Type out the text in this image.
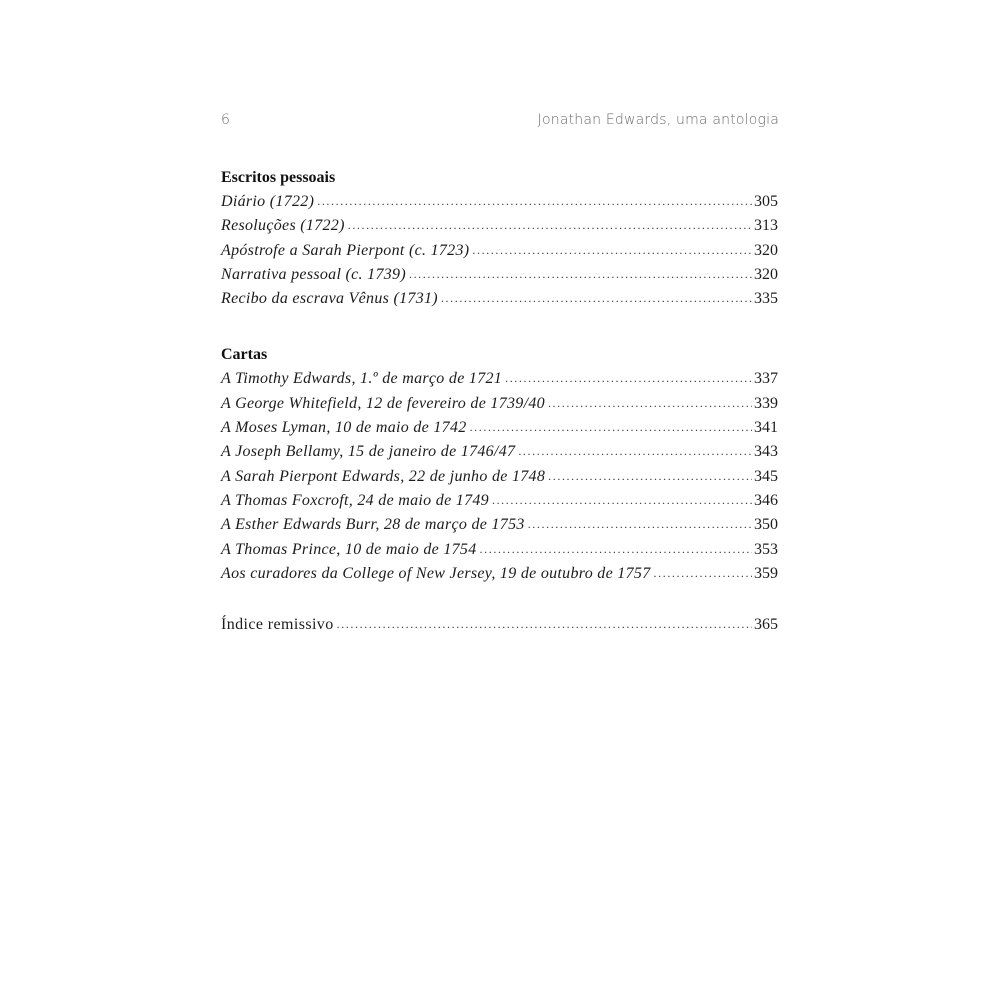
6	Jonathan Edwards, uma antologia
Escritos pessoais
Diário (1722) .....	305
Resoluções (1722) .....	313
Apóstrofe a Sarah Pierpont (c. 1723) .....	320
Narrativa pessoal (c. 1739) .....	320
Recibo da escrava Vênus (1731) .....	335
Cartas
A Timothy Edwards, 1.º de março de 1721 .....	337
A George Whitefield, 12 de fevereiro de 1739/40 .....	339
A Moses Lyman, 10 de maio de 1742 .....	341
A Joseph Bellamy, 15 de janeiro de 1746/47 .....	343
A Sarah Pierpont Edwards, 22 de junho de 1748 .....	345
A Thomas Foxcroft, 24 de maio de 1749 .....	346
A Esther Edwards Burr, 28 de março de 1753 .....	350
A Thomas Prince, 10 de maio de 1754 .....	353
Aos curadores da College of New Jersey, 19 de outubro de 1757 .....	359
Índice remissivo .....	365
